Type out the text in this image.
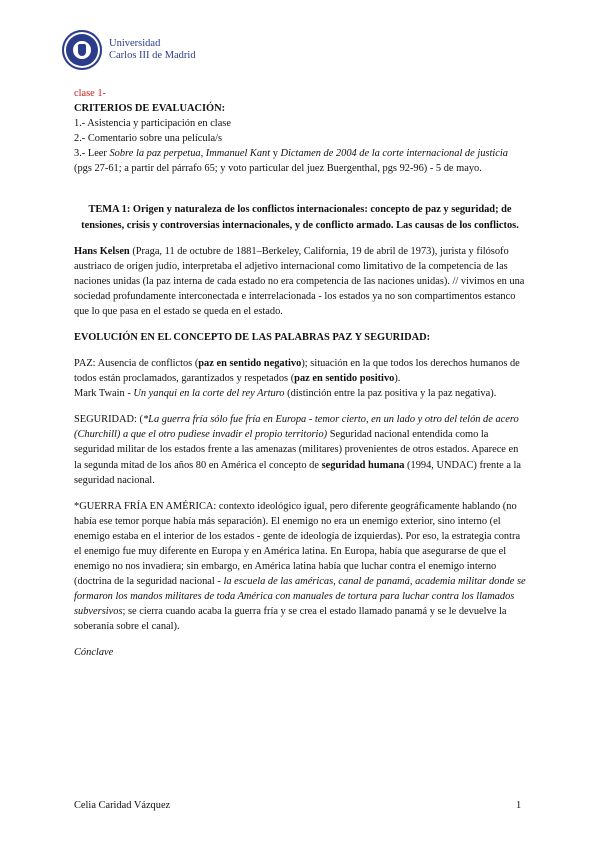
Universidad
Carlos III de Madrid

clase 1-

CRITERIOS DE EVALUACIÓN:

1.- Asistencia y participación en clase

2.- Comentario sobre una película/s

3.- Leer Sobre la paz perpetua, Immanuel Kant y Dictamen de 2004 de la corte internacional de justicia (pgs 27-61; a partir del párrafo 65; y voto particular del juez Buergenthal, pgs 92-96) - 5 de mayo.

TEMA 1: Origen y naturaleza de los conflictos internacionales: concepto de paz y seguridad; de tensiones, crisis y controversias internacionales, y de conflicto armado. Las causas de los conflictos.

Hans Kelsen (Praga, 11 de octubre de 1881–Berkeley, California, 19 de abril de 1973), jurista y filósofo austriaco de origen judío, interpretaba el adjetivo internacional como limitativo de la competencia de las naciones unidas (la paz interna de cada estado no era competencia de las naciones unidas). // vivimos en una sociedad profundamente interconectada e interrelacionada - los estados ya no son compartimentos estanco que lo que pasa en el estado se queda en el estado.

EVOLUCIÓN EN EL CONCEPTO DE LAS PALABRAS PAZ Y SEGURIDAD:

PAZ: Ausencia de conflictos (paz en sentido negativo); situación en la que todos los derechos humanos de todos están proclamados, garantizados y respetados (paz en sentido positivo).

Mark Twain - Un yanqui en la corte del rey Arturo (distinción entre la paz positiva y la paz negativa).

SEGURIDAD: (*La guerra fría sólo fue fría en Europa - temor cierto, en un lado y otro del telón de acero (Churchill) a que el otro pudiese invadir el propio territorio) Seguridad nacional entendida como la seguridad militar de los estados frente a las amenazas (militares) provenientes de otros estados. Aparece en la segunda mitad de los años 80 en América el concepto de seguridad humana (1994, UNDAC) frente a la seguridad nacional.

*GUERRA FRÍA EN AMÉRICA: contexto ideológico igual, pero diferente geográficamente hablando (no había ese temor porque había más separación). El enemigo no era un enemigo exterior, sino interno (el enemigo estaba en el interior de los estados - gente de ideología de izquierdas). Por eso, la estrategia contra el enemigo fue muy diferente en Europa y en América latina. En Europa, había que asegurarse de que el enemigo no nos invadiera; sin embargo, en América latina había que luchar contra el enemigo interno (doctrina de la seguridad nacional - la escuela de las américas, canal de panamá, academia militar donde se formaron los mandos militares de toda América con manuales de tortura para luchar contra los llamados subversivos; se cierra cuando acaba la guerra fría y se crea el estado llamado panamá y se le devuelve la soberanía sobre el canal).

Cónclave

Celia Caridad Vázquez	1
